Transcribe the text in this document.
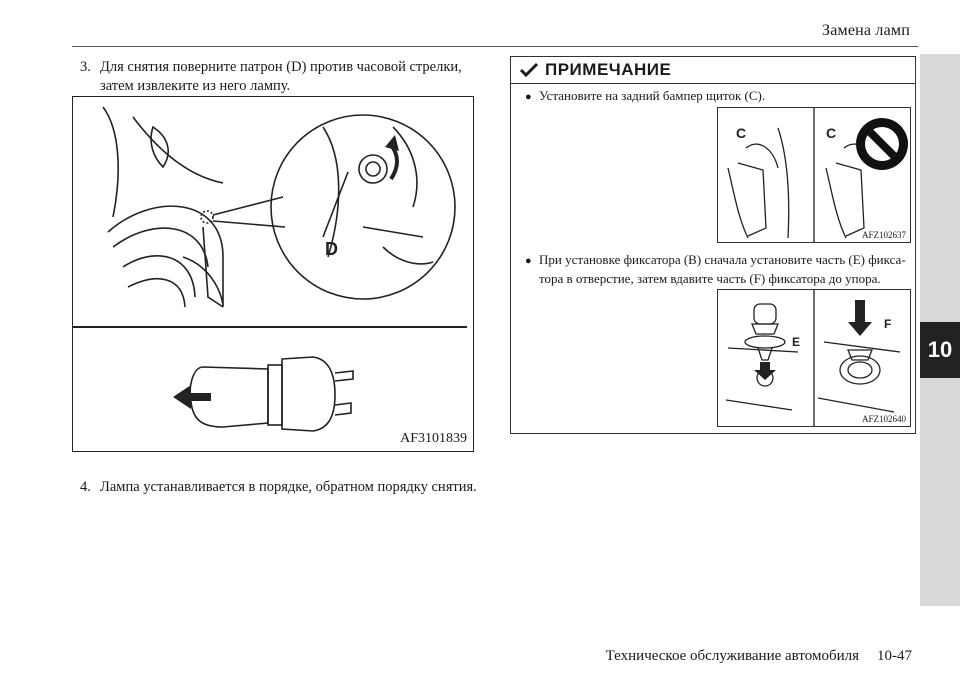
Замена ламп
10
3. Для снятия поверните патрон (D) против часовой стрелки,
затем извлеките из него лампу.
D
AF3101839
4. Лампа устанавливается в порядке, обратном порядку снятия.
ПРИМЕЧАНИЕ
● Установите на задний бампер щиток (C).
C	C
AFZ102637
● При установке фиксатора (B) сначала установите часть (E) фикса-
тора в отверстие, затем вдавите часть (F) фиксатора до упора.
E
F
AFZ102640
Техническое обслуживание автомобиля 10-47
